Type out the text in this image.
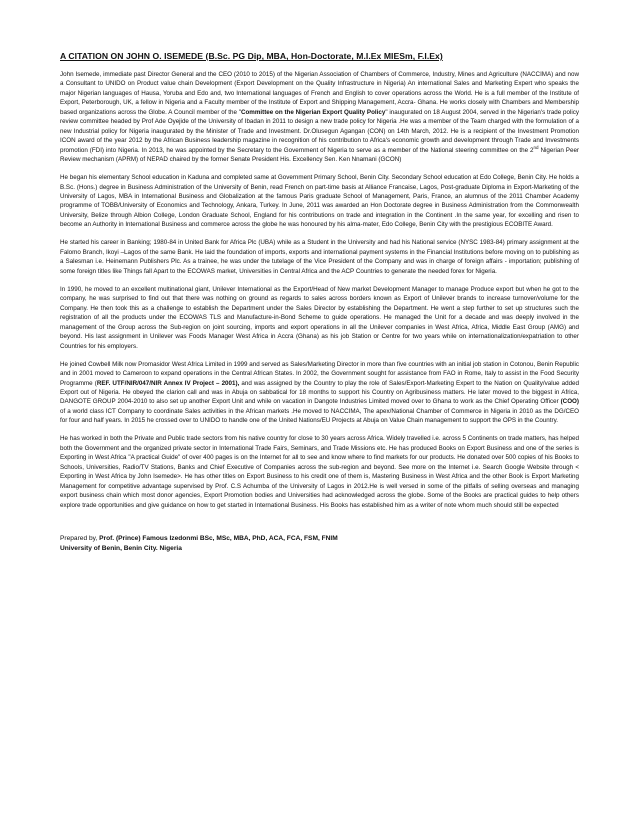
A CITATION ON JOHN O. ISEMEDE (B.Sc. PG Dip, MBA, Hon-Doctorate, M.I.Ex MIESm, F.I.Ex)

John Isemede, immediate past Director General and the CEO (2010 to 2015) of the Nigerian Association of Chambers of Commerce, Industry, Mines and Agriculture (NACCIMA) and now a Consultant to UNIDO on Product value chain Development (Export Development on the Quality Infrastructure in Nigeria) An international Sales and Marketing Expert who speaks the major Nigerian languages of Hausa, Yoruba and Edo and, two International languages of French and English to cover operations across the World. He is a full member of the Institute of Export, Peterborough, UK, a fellow in Nigeria and a Faculty member of the Institute of Export and Shipping Management, Accra- Ghana. He works closely with Chambers and Membership based organizations across the Globe. A Council member of the "Committee on the Nigerian Export Quality Policy" inaugurated on 18 August 2004, served in the Nigerian's trade policy review committee headed by Prof Ade Oyejide of the University of Ibadan in 2011 to design a new trade policy for Nigeria .He was a member of the Team charged with the formulation of a new Industrial policy for Nigeria inaugurated by the Minister of Trade and Investment. Dr.Olusegun Agangan (CON) on 14th March, 2012. He is a recipient of the Investment Promotion ICON award of the year 2012 by the African Business leadership magazine in recognition of his contribution to Africa's economic growth and development through Trade and Investments promotion (FDI) into Nigeria. In 2013, he was appointed by the Secretary to the Government of Nigeria to serve as a member of the National steering committee on the 2nd Nigerian Peer Review mechanism (APRM) of NEPAD chaired by the former Senate President His. Excellency Sen. Ken Nnamani (GCON)

He began his elementary School education in Kaduna and completed same at Government Primary School, Benin City. Secondary School education at Edo College, Benin City. He holds a B.Sc. (Hons.) degree in Business Administration of the University of Benin, read French on part-time basis at Alliance Francaise, Lagos, Post-graduate Diploma in Export-Marketing of the University of Lagos, MBA in International Business and Globalization at the famous Paris graduate School of Management, Paris, France, an alumnus of the 2011 Chamber Academy programme of TOBB/University of Economics and Technology, Ankara, Turkey. In June, 2011 was awarded an Hon Doctorate degree in Business Administration from the Commonwealth University, Belize through Albion College, London Graduate School, England for his contributions on trade and integration in the Continent .In the same year, for excelling and risen to become an Authority in International Business and commerce across the globe he was honoured by his alma-mater, Edo College, Benin City with the prestigious ECOBITE Award.

He started his career in Banking; 1980-84 in United Bank for Africa Plc (UBA) while as a Student in the University and had his National service (NYSC 1983-84) primary assignment at the Falomo Branch, Ikoyi –Lagos of the same Bank. He laid the foundation of imports, exports and international payment systems in the Financial Institutions before moving on to publishing as a Salesman i.e. Heinemann Publishers Plc. As a trainee, he was under the tutelage of the Vice President of the Company and was in charge of foreign affairs - importation; publishing of some foreign titles like Things fall Apart to the ECOWAS market, Universities in Central Africa and the ACP Countries to generate the needed forex for Nigeria.

In 1990, he moved to an excellent multinational giant, Unilever International as the Export/Head of New market Development Manager to manage Produce export but when he got to the company, he was surprised to find out that there was nothing on ground as regards to sales across borders known as Export of Unilever brands to increase turnover/volume for the Company. He then took this as a challenge to establish the Department under the Sales Director by establishing the Department. He went a step further to set up structures such the registration of all the products under the ECOWAS TLS and Manufacture-in-Bond Scheme to guide operations. He managed the Unit for a decade and was deeply involved in the management of the Group across the Sub-region on joint sourcing, imports and export operations in all the Unilever companies in West Africa, Africa, Middle East Group (AMG) and beyond. His last assignment in Unilever was Foods Manager West Africa in Accra (Ghana) as his job Station or Centre for two years while on internationalization/expatriation to other Countries for his employers.

He joined Cowbell Milk now Promasidor West Africa Limited in 1999 and served as Sales/Marketing Director in more than five countries with an initial job station in Cotonou, Benin Republic and in 2001 moved to Cameroon to expand operations in the Central African States. In 2002, the Government sought for assistance from FAO in Rome, Italy to assist in the Food Security Programme (REF. UTF/NIR/047/NIR Annex IV Project – 2001), and was assigned by the Country to play the role of Sales/Export-Marketing Expert to the Nation on Quality/value added Export out of Nigeria. He obeyed the clarion call and was in Abuja on sabbatical for 18 months to support his Country on Agribusiness matters. He later moved to the biggest in Africa, DANGOTE GROUP 2004-2010 to also set up another Export Unit and while on vacation in Dangote Industries Limited moved over to Ghana to work as the Chief Operating Officer (COO) of a world class ICT Company to coordinate Sales activities in the African markets .He moved to NACCIMA, The apex/National Chamber of Commerce in Nigeria in 2010 as the DG/CEO for four and half years. In 2015 he crossed over to UNIDO to handle one of the United Nations/EU Projects at Abuja on Value Chain management to support the OPS in the Country.

He has worked in both the Private and Public trade sectors from his native country for close to 30 years across Africa. Widely travelled i.e. across 5 Continents on trade matters, has helped both the Government and the organized private sector in International Trade Fairs, Seminars, and Trade Missions etc. He has produced Books on Export Business and one of the series is Exporting in West Africa "A practical Guide" of over 400 pages is on the Internet for all to see and know where to find markets for our products. He donated over 500 copies of his Books to Schools, Universities, Radio/TV Stations, Banks and Chief Executive of Companies across the sub-region and beyond. See more on the Internet i.e. Search Google Website through < Exporting in West Africa by John Isemede>. He has other titles on Export Business to his credit one of them is, Mastering Business in West Africa and the other Book is Export Marketing Management for competitive advantage supervised by Prof. C.S Achumba of the University of Lagos in 2012.He is well versed in some of the pitfalls of selling overseas and managing export business chain which most donor agencies, Export Promotion bodies and Universities had acknowledged across the globe. Some of the Books are practical guides to help others explore trade opportunities and give guidance on how to get started in International Business. His Books has established him as a writer of note whom much should still be expected

Prepared by, Prof. (Prince) Famous Izedonmi BSc, MSc, MBA, PhD, ACA, FCA, FSM, FNIM
University of Benin, Benin City. Nigeria
